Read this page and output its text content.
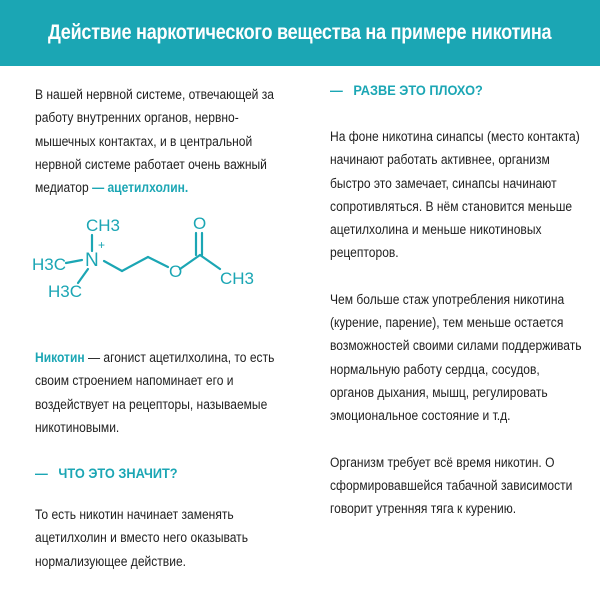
Действие наркотического вещества на примере никотина

В нашей нервной системе, отвечающей за работу внутренних органов, нервно-мышечных контактах, и в центральной нервной системе работает очень важный медиатор — ацетилхолин.

CH3
N
+
H3C
H3C
O
O
CH3

Никотин — агонист ацетилхолина, то есть своим строением напоминает его и воздействует на рецепторы, называемые никотиновыми.

— ЧТО ЭТО ЗНАЧИТ?

То есть никотин начинает заменять ацетилхолин и вместо него оказывать нормализующее действие.

— РАЗВЕ ЭТО ПЛОХО?

На фоне никотина синапсы (место контакта) начинают работать активнее, организм быстро это замечает, синапсы начинают сопротивляться. В нём становится меньше ацетилхолина и меньше никотиновых рецепторов.

Чем больше стаж употребления никотина (курение, парение), тем меньше остается возможностей своими силами поддерживать нормальную работу сердца, сосудов, органов дыхания, мышц, регулировать эмоциональное состояние и т.д.

Организм требует всё время никотин. О сформировавшейся табачной зависимости говорит утренняя тяга к курению.
